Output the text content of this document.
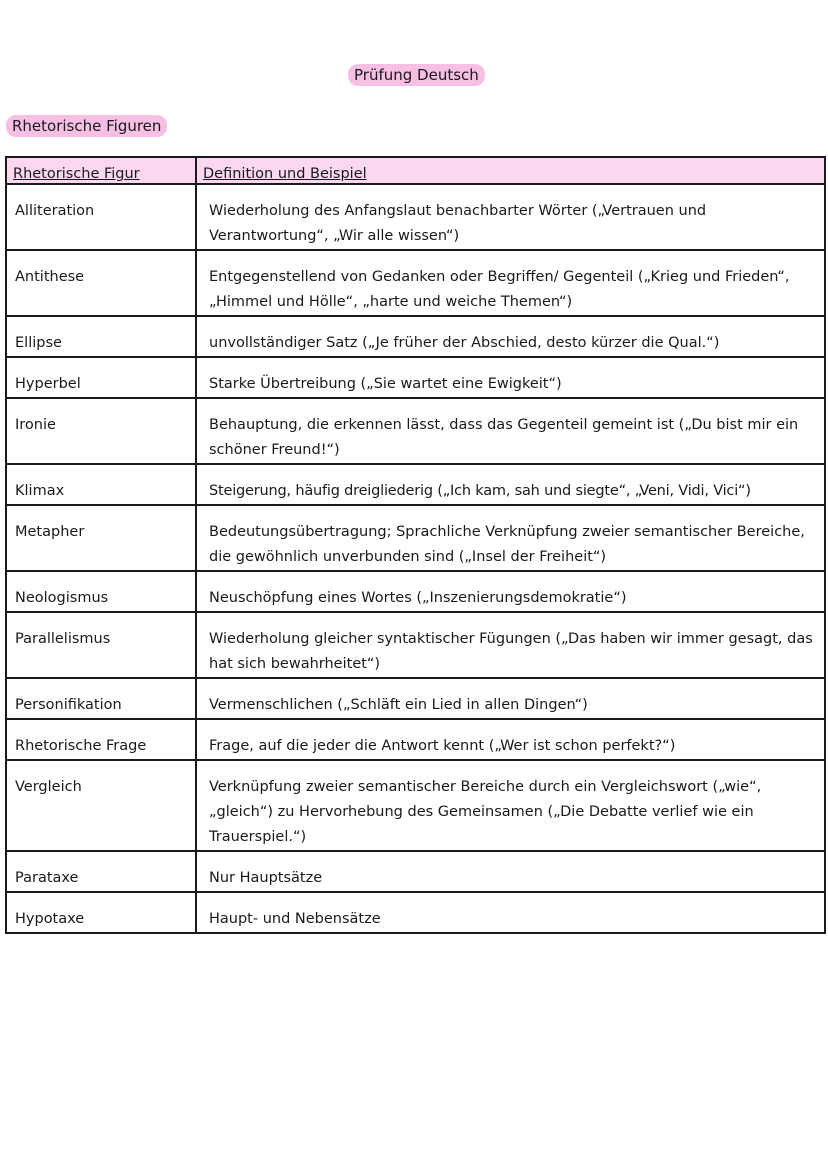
Prüfung Deutsch
Rhetorische Figuren
Rhetorische Figur	Definition und Beispiel
Alliteration	Wiederholung des Anfangslaut benachbarter Wörter („Vertrauen und Verantwortung“, „Wir alle wissen“)
Antithese	Entgegenstellend von Gedanken oder Begriffen/ Gegenteil („Krieg und Frieden“, „Himmel und Hölle“, „harte und weiche Themen“)
Ellipse	unvollständiger Satz („Je früher der Abschied, desto kürzer die Qual.“)
Hyperbel	Starke Übertreibung („Sie wartet eine Ewigkeit“)
Ironie	Behauptung, die erkennen lässt, dass das Gegenteil gemeint ist („Du bist mir ein schöner Freund!“)
Klimax	Steigerung, häufig dreigliederig („Ich kam, sah und siegte“, „Veni, Vidi, Vici“)
Metapher	Bedeutungsübertragung; Sprachliche Verknüpfung zweier semantischer Bereiche, die gewöhnlich unverbunden sind („Insel der Freiheit“)
Neologismus	Neuschöpfung eines Wortes („Inszenierungsdemokratie“)
Parallelismus	Wiederholung gleicher syntaktischer Fügungen („Das haben wir immer gesagt, das hat sich bewahrheitet“)
Personifikation	Vermenschlichen („Schläft ein Lied in allen Dingen“)
Rhetorische Frage	Frage, auf die jeder die Antwort kennt („Wer ist schon perfekt?“)
Vergleich	Verknüpfung zweier semantischer Bereiche durch ein Vergleichswort („wie“, „gleich“) zu Hervorhebung des Gemeinsamen („Die Debatte verlief wie ein Trauerspiel.“)
Parataxe	Nur Hauptsätze
Hypotaxe	Haupt- und Nebensätze
